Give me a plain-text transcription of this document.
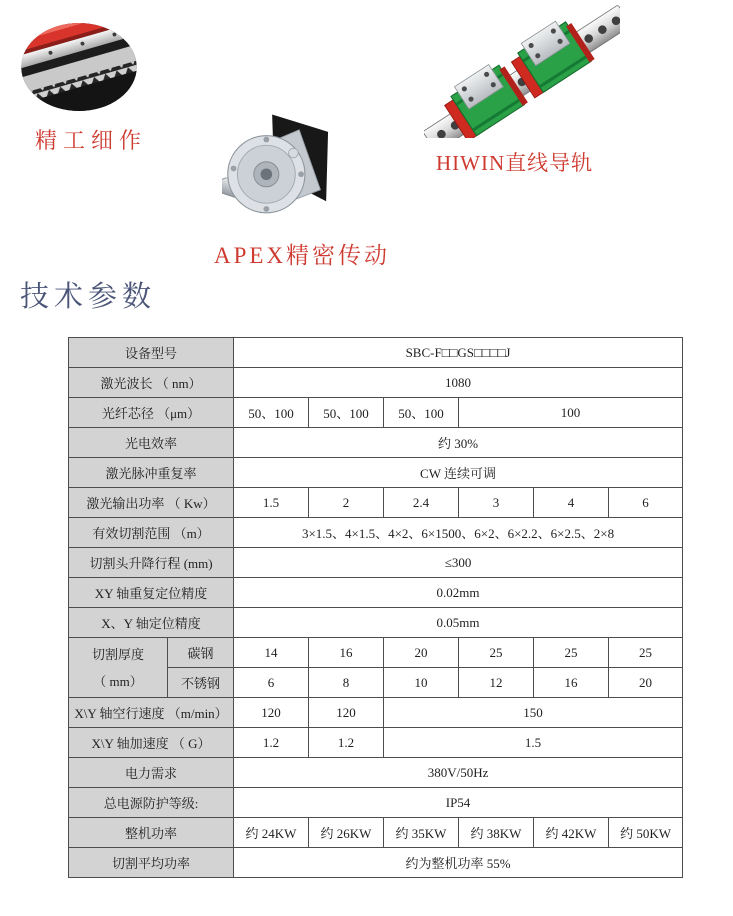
精工细作
APEX精密传动
HIWIN直线导轨
技术参数
设备型号		SBC-F□□GS□□□□J					
激光波长 （ nm）		1080					
光纤芯径 （μm）		50、100	50、100	50、100	100		
光电效率		约 30%					
激光脉冲重复率		CW 连续可调					
激光输出功率 （ Kw）		1.5	2	2.4	3	4	6
有效切割范围 （m）		3×1.5、4×1.5、4×2、6×1500、6×2、6×2.2、6×2.5、2×8					
切割头升降行程 (mm)		≤300					
XY 轴重复定位精度		0.02mm					
X、Y 轴定位精度		0.05mm					

切割厚度
（ mm）	碳钢	14	16	20	25	25	25
	不锈钢	6	8	10	12	16	20
X\Y 轴空行速度 （m/min）		120	120	150			
X\Y 轴加速度 （ G）		1.2	1.2	1.5			
电力需求		380V/50Hz					
总电源防护等级:		IP54					
整机功率		约 24KW	约 26KW	约 35KW	约 38KW	约 42KW	约 50KW
切割平均功率		约为整机功率 55%					
